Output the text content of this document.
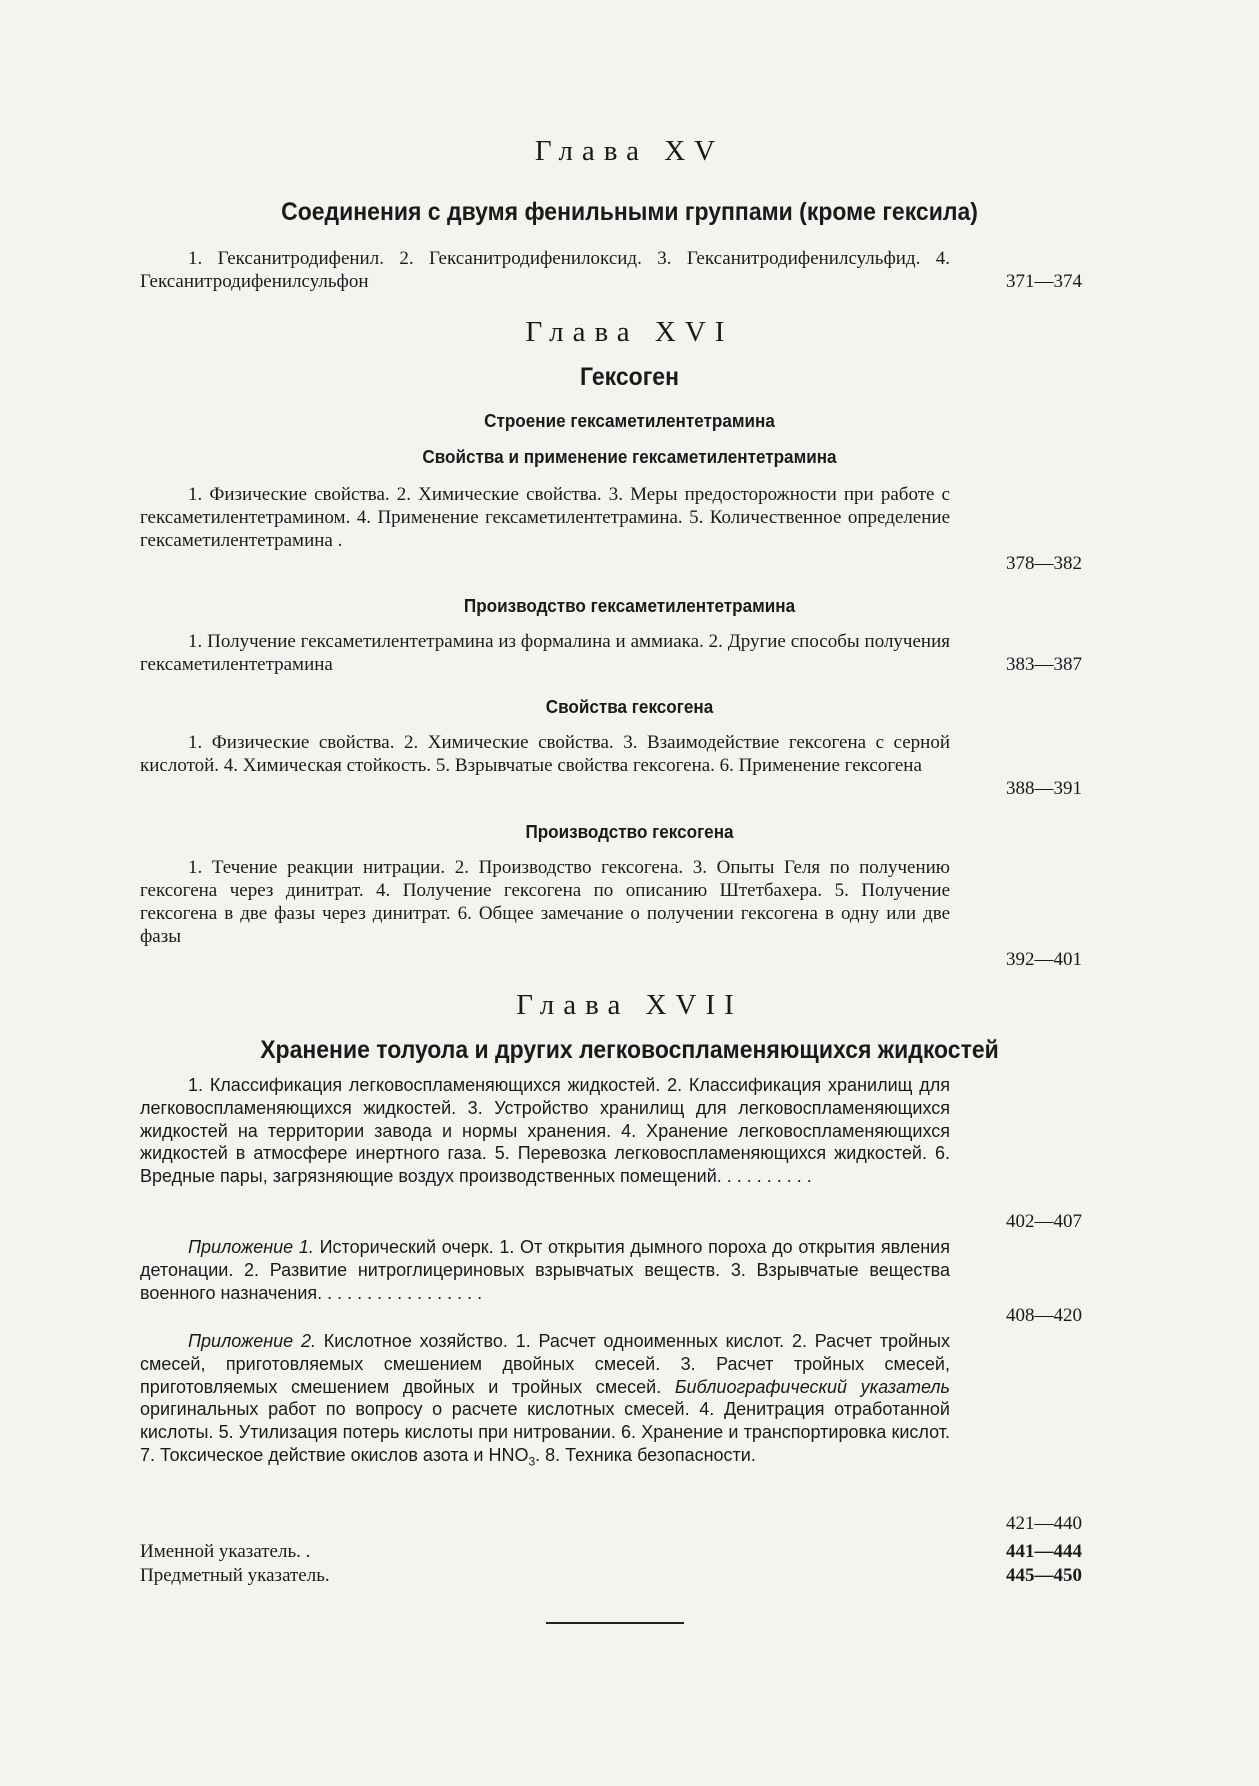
Глава XV
Соединения с двумя фенильными группами (кроме гексила)
1. Гексанитродифенил. 2. Гексанитродифенилоксид. 3. Гексанитродифенилсульфид. 4. Гексанитродифенилсульфон	371—374
Глава XVI
Гексоген
Строение гексаметилентетрамина
Свойства и применение гексаметилентетрамина
1. Физические свойства. 2. Химические свойства. 3. Меры предосторожности при работе с гексаметилентетрамином. 4. Применение гексаметилентетрамина. 5. Количественное определение гексаметилентетрамина .
378—382
Производство гексаметилентетрамина
1. Получение гексаметилентетрамина из формалина и аммиака. 2. Другие способы получения гексаметилентетрамина	383—387
Свойства гексогена
1. Физические свойства. 2. Химические свойства. 3. Взаимодействие гексогена с серной кислотой. 4. Химическая стойкость. 5. Взрывчатые свойства гексогена. 6. Применение гексогена
388—391
Производство гексогена
1. Течение реакции нитрации. 2. Производство гексогена. 3. Опыты Геля по получению гексогена через динитрат. 4. Получение гексогена по описанию Штетбахера. 5. Получение гексогена в две фазы через динитрат. 6. Общее замечание о получении гексогена в одну или две фазы
392—401
Глава XVII
Хранение толуола и других легковоспламеняющихся жидкостей
1. Классификация легковоспламеняющихся жидкостей. 2. Классификация хранилищ для легковоспламеняющихся жидкостей. 3. Устройство хранилищ для легковоспламеняющихся жидкостей на территории завода и нормы хранения. 4. Хранение легковоспламеняющихся жидкостей в атмосфере инертного газа. 5. Перевозка легковоспламеняющихся жидкостей. 6. Вредные пары, загрязняющие воздух производственных помещений. . . . . . . . . .
402—407
Приложение 1. Исторический очерк. 1. От открытия дымного пороха до открытия явления детонации. 2. Развитие нитроглицериновых взрывчатых веществ. 3. Взрывчатые вещества военного назначения. . . . . . . . . . . . . . . . .
408—420
Приложение 2. Кислотное хозяйство. 1. Расчет одноименных кислот. 2. Расчет тройных смесей, приготовляемых смешением двойных смесей. 3. Расчет тройных смесей, приготовляемых смешением двойных и тройных смесей. Библиографический указатель оригинальных работ по вопросу о расчете кислотных смесей. 4. Денитрация отработанной кислоты. 5. Утилизация потерь кислоты при нитровании. 6. Хранение и транспортировка кислот. 7. Токсическое действие окислов азота и $HNO_3$. 8. Техника безопасности.
421—440
Именной указатель. .	441—444
Предметный указатель.	445—450
